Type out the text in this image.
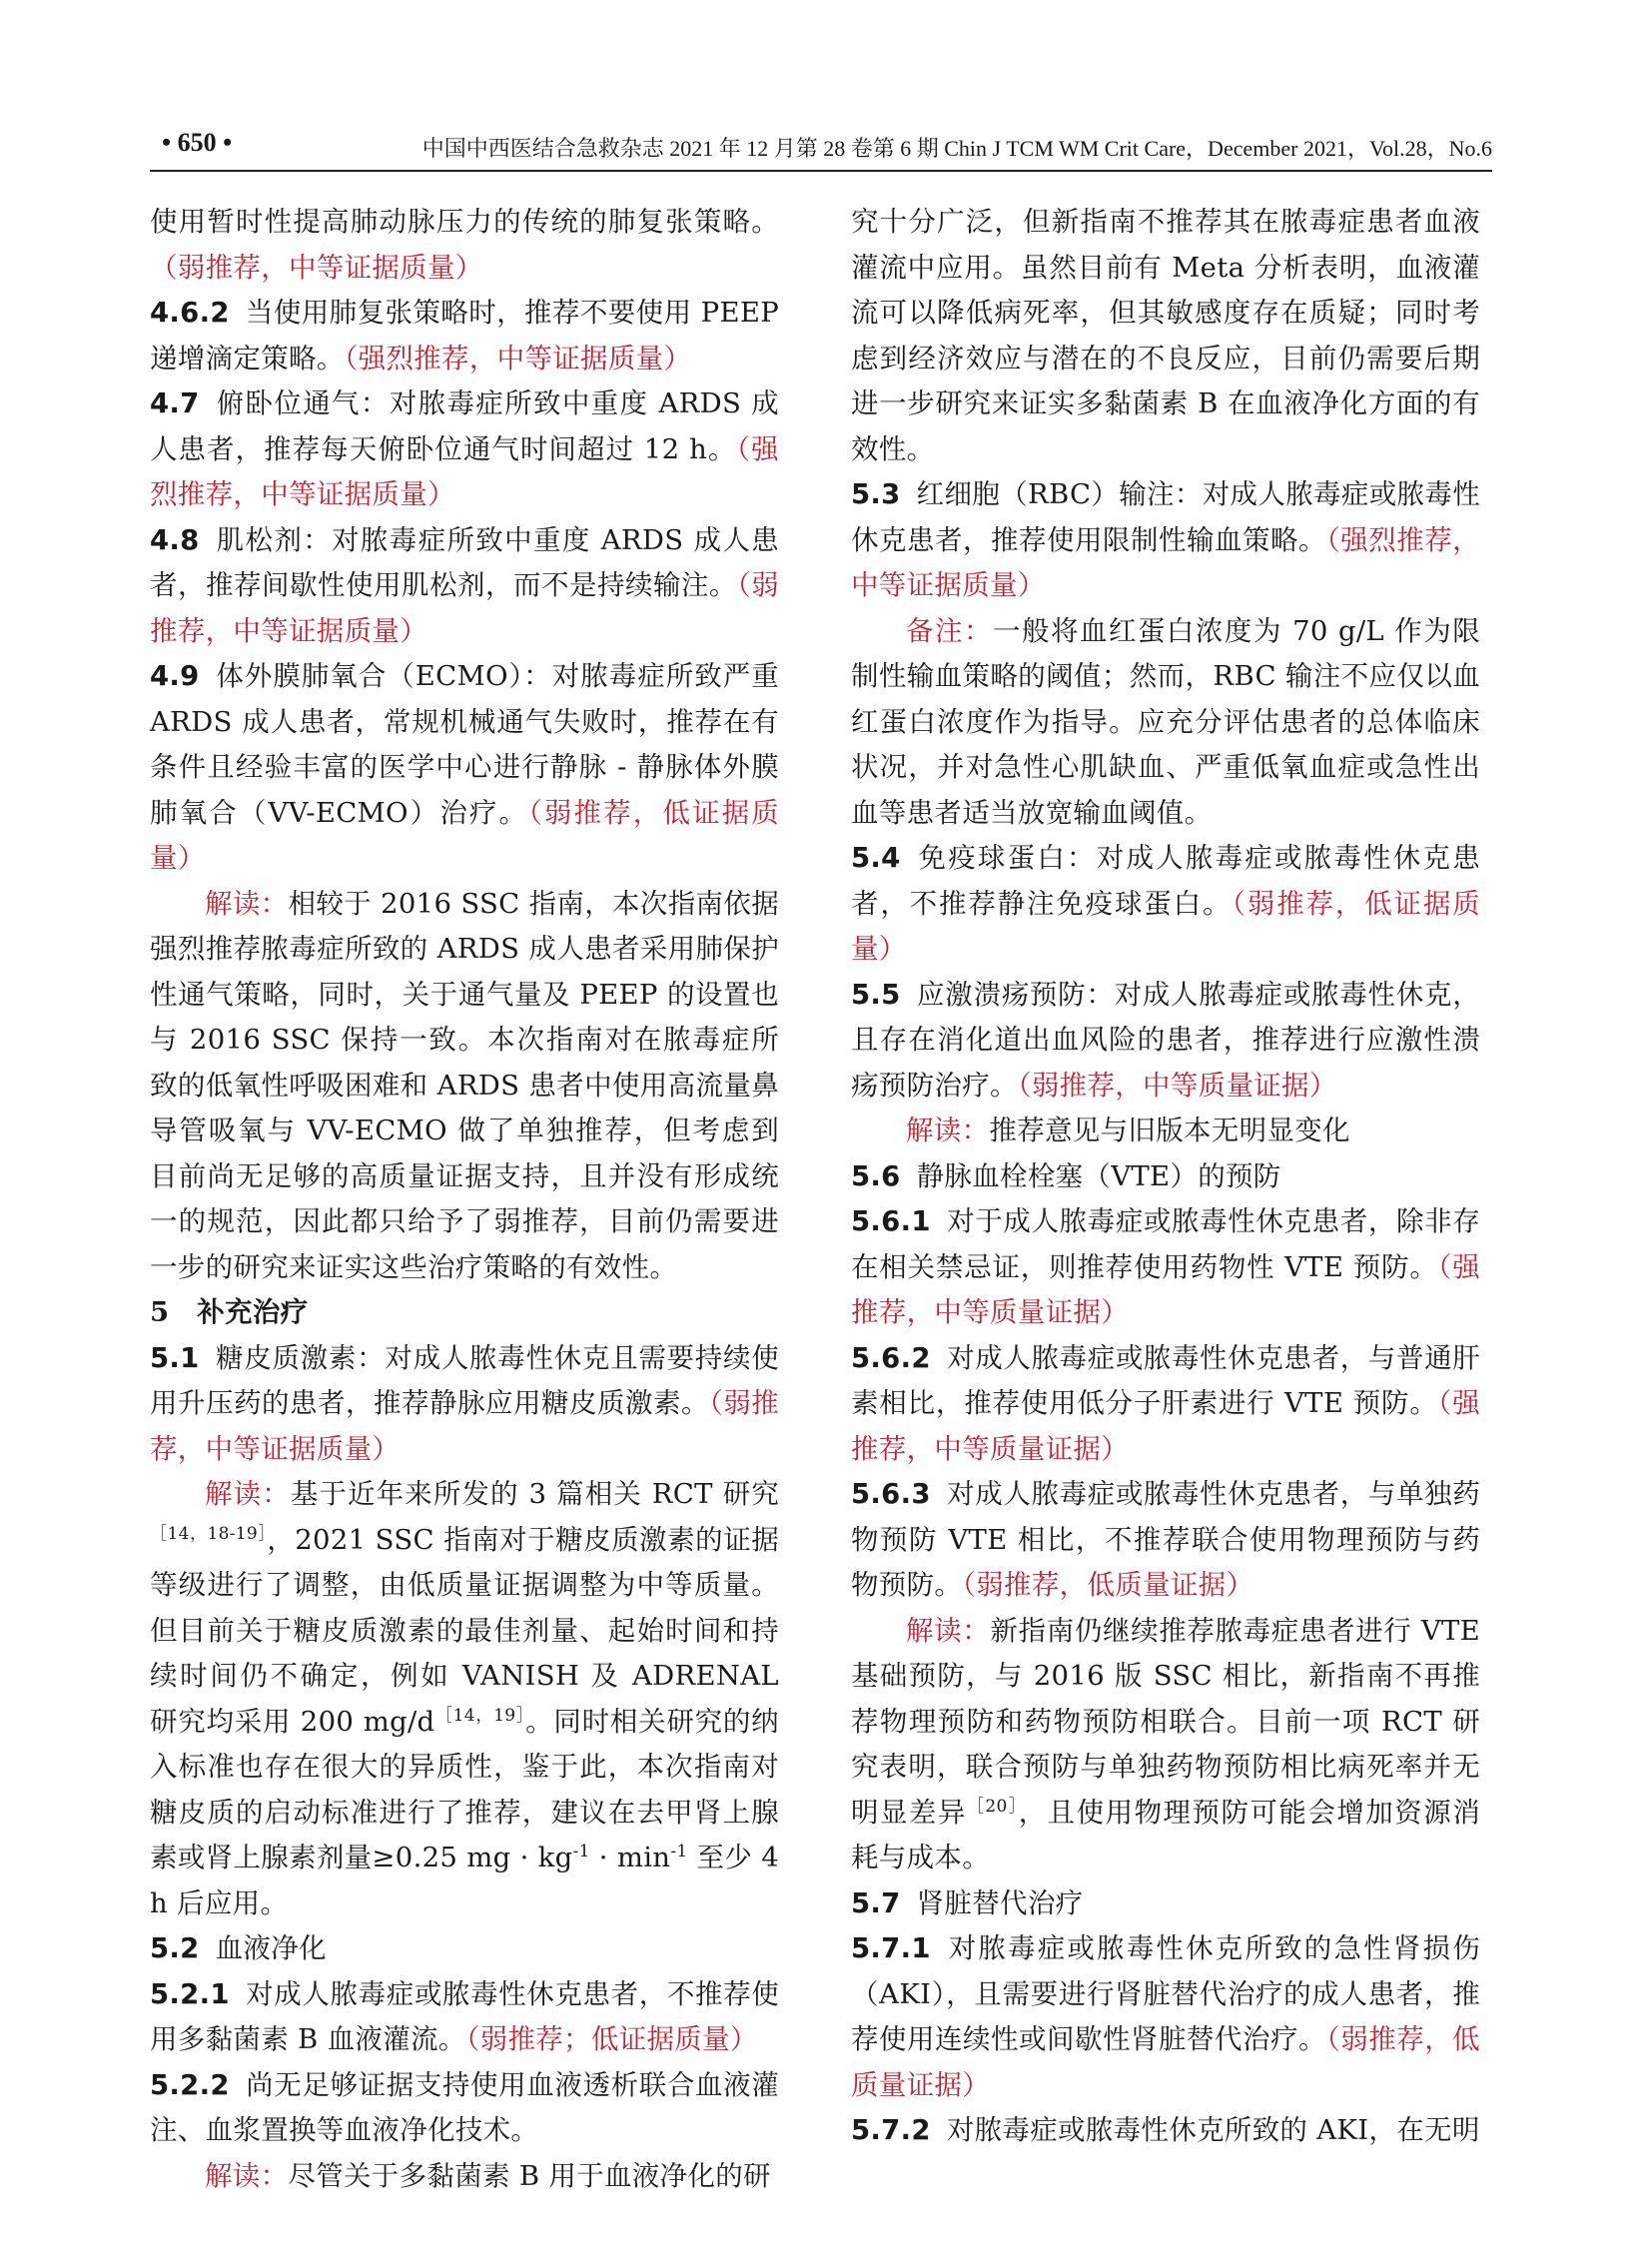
• 650 •	中国中西医结合急救杂志 2021 年 12 月第 28 卷第 6 期 Chin J TCM WM Crit Care，December 2021，Vol.28，No.6

使用暂时性提高肺动脉压力的传统的肺复张策略。（弱推荐，中等证据质量）

4.6.2 当使用肺复张策略时，推荐不要使用 PEEP 递增滴定策略。（强烈推荐，中等证据质量）

4.7 俯卧位通气：对脓毒症所致中重度 ARDS 成人患者，推荐每天俯卧位通气时间超过 12 h。（强烈推荐，中等证据质量）

4.8 肌松剂：对脓毒症所致中重度 ARDS 成人患者，推荐间歇性使用肌松剂，而不是持续输注。（弱推荐，中等证据质量）

4.9 体外膜肺氧合（ECMO）：对脓毒症所致严重 ARDS 成人患者，常规机械通气失败时，推荐在有条件且经验丰富的医学中心进行静脉 - 静脉体外膜肺氧合（VV-ECMO）治疗。（弱推荐，低证据质量）

解读：相较于 2016 SSC 指南，本次指南依据强烈推荐脓毒症所致的 ARDS 成人患者采用肺保护性通气策略，同时，关于通气量及 PEEP 的设置也与 2016 SSC 保持一致。本次指南对在脓毒症所致的低氧性呼吸困难和 ARDS 患者中使用高流量鼻导管吸氧与 VV-ECMO 做了单独推荐，但考虑到目前尚无足够的高质量证据支持，且并没有形成统一的规范，因此都只给予了弱推荐，目前仍需要进一步的研究来证实这些治疗策略的有效性。

5　补充治疗

5.1 糖皮质激素：对成人脓毒性休克且需要持续使用升压药的患者，推荐静脉应用糖皮质激素。（弱推荐，中等证据质量）

解读：基于近年来所发的 3 篇相关 RCT 研究$^{[14,18-19]}$，2021 SSC 指南对于糖皮质激素的证据等级进行了调整，由低质量证据调整为中等质量。但目前关于糖皮质激素的最佳剂量、起始时间和持续时间仍不确定，例如 VANISH 及 ADRENAL 研究均采用 200 $mg/d^{[14,19]}$。同时相关研究的纳入标准也存在很大的异质性，鉴于此，本次指南对糖皮质的启动标准进行了推荐，建议在去甲肾上腺素或肾上腺素剂量≥0.25 mg · $kg^{-1} \cdot \min^{-1}$ 至少 4 h 后应用。

5.2 血液净化

5.2.1 对成人脓毒症或脓毒性休克患者，不推荐使用多黏菌素 B 血液灌流。（弱推荐；低证据质量）

5.2.2 尚无足够证据支持使用血液透析联合血液灌注、血浆置换等血液净化技术。

解读：尽管关于多黏菌素 B 用于血液净化的研

究十分广泛，但新指南不推荐其在脓毒症患者血液灌流中应用。虽然目前有 Meta 分析表明，血液灌流可以降低病死率，但其敏感度存在质疑；同时考虑到经济效应与潜在的不良反应，目前仍需要后期进一步研究来证实多黏菌素 B 在血液净化方面的有效性。

5.3 红细胞（RBC）输注：对成人脓毒症或脓毒性休克患者，推荐使用限制性输血策略。（强烈推荐，中等证据质量）

备注：一般将血红蛋白浓度为 70 g/L 作为限制性输血策略的阈值；然而，RBC 输注不应仅以血红蛋白浓度作为指导。应充分评估患者的总体临床状况，并对急性心肌缺血、严重低氧血症或急性出血等患者适当放宽输血阈值。

5.4 免疫球蛋白：对成人脓毒症或脓毒性休克患者，不推荐静注免疫球蛋白。（弱推荐，低证据质量）

5.5 应激溃疡预防：对成人脓毒症或脓毒性休克，且存在消化道出血风险的患者，推荐进行应激性溃疡预防治疗。（弱推荐，中等质量证据）

解读：推荐意见与旧版本无明显变化

5.6 静脉血栓栓塞（VTE）的预防

5.6.1 对于成人脓毒症或脓毒性休克患者，除非存在相关禁忌证，则推荐使用药物性 VTE 预防。（强推荐，中等质量证据）

5.6.2 对成人脓毒症或脓毒性休克患者，与普通肝素相比，推荐使用低分子肝素进行 VTE 预防。（强推荐，中等质量证据）

5.6.3 对成人脓毒症或脓毒性休克患者，与单独药物预防 VTE 相比，不推荐联合使用物理预防与药物预防。（弱推荐，低质量证据）

解读：新指南仍继续推荐脓毒症患者进行 VTE 基础预防，与 2016 版 SSC 相比，新指南不再推荐物理预防和药物预防相联合。目前一项 RCT 研究表明，联合预防与单独药物预防相比病死率并无明显差异$^{[20]}$，且使用物理预防可能会增加资源消耗与成本。

5.7 肾脏替代治疗

5.7.1 对脓毒症或脓毒性休克所致的急性肾损伤（AKI），且需要进行肾脏替代治疗的成人患者，推荐使用连续性或间歇性肾脏替代治疗。（弱推荐，低质量证据）

5.7.2 对脓毒症或脓毒性休克所致的 AKI，在无明
